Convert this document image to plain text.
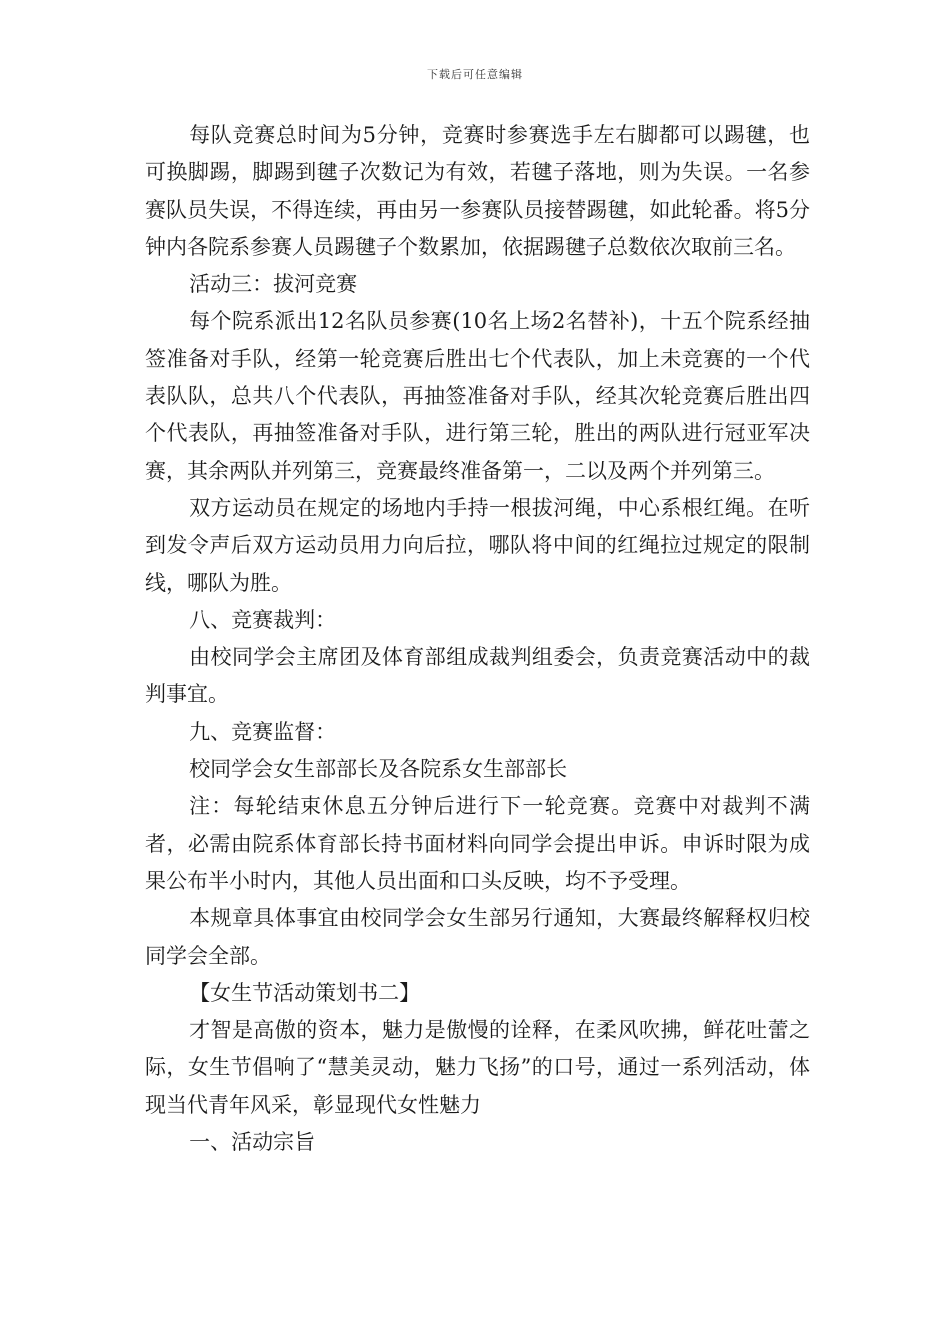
下载后可任意编辑

每队竞赛总时间为5分钟，竞赛时参赛选手左右脚都可以踢毽，也可换脚踢，脚踢到毽子次数记为有效，若毽子落地，则为失误。一名参赛队员失误，不得连续，再由另一参赛队员接替踢毽，如此轮番。将5分钟内各院系参赛人员踢毽子个数累加，依据踢毽子总数依次取前三名。

活动三：拔河竞赛

每个院系派出12名队员参赛(10名上场2名替补)，十五个院系经抽签准备对手队，经第一轮竞赛后胜出七个代表队，加上未竞赛的一个代表队队，总共八个代表队，再抽签准备对手队，经其次轮竞赛后胜出四个代表队，再抽签准备对手队，进行第三轮，胜出的两队进行冠亚军决赛，其余两队并列第三，竞赛最终准备第一，二以及两个并列第三。

双方运动员在规定的场地内手持一根拔河绳，中心系根红绳。在听到发令声后双方运动员用力向后拉，哪队将中间的红绳拉过规定的限制线，哪队为胜。

八、竞赛裁判：

由校同学会主席团及体育部组成裁判组委会，负责竞赛活动中的裁判事宜。

九、竞赛监督：

校同学会女生部部长及各院系女生部部长

注：每轮结束休息五分钟后进行下一轮竞赛。竞赛中对裁判不满者，必需由院系体育部长持书面材料向同学会提出申诉。申诉时限为成果公布半小时内，其他人员出面和口头反映，均不予受理。

本规章具体事宜由校同学会女生部另行通知，大赛最终解释权归校同学会全部。

【女生节活动策划书二】

才智是高傲的资本，魅力是傲慢的诠释，在柔风吹拂，鲜花吐蕾之际，女生节倡响了“慧美灵动，魅力飞扬”的口号，通过一系列活动，体现当代青年风采，彰显现代女性魅力

一、活动宗旨
